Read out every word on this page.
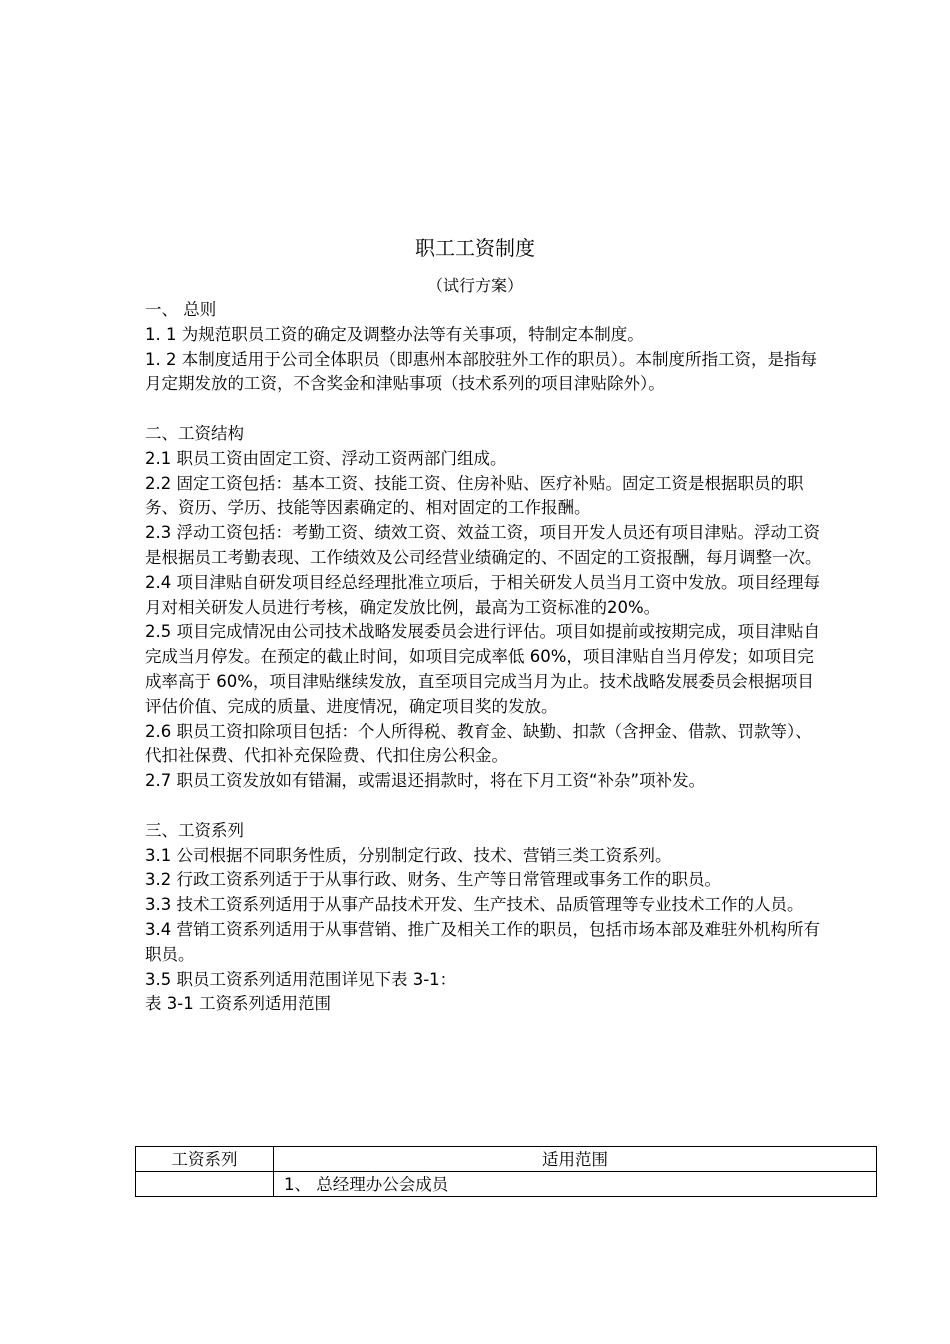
职工工资制度
（试行方案）

一、 总则

1. 1 为规范职员工资的确定及调整办法等有关事项，特制定本制度。

1. 2 本制度适用于公司全体职员（即惠州本部胶驻外工作的职员）。本制度所指工资，是指每月定期发放的工资，不含奖金和津贴事项（技术系列的项目津贴除外）。

二、工资结构

2.1 职员工资由固定工资、浮动工资两部门组成。

2.2 固定工资包括：基本工资、技能工资、住房补贴、医疗补贴。固定工资是根据职员的职务、资历、学历、技能等因素确定的、相对固定的工作报酬。

2.3 浮动工资包括：考勤工资、绩效工资、效益工资，项目开发人员还有项目津贴。浮动工资是根据员工考勤表现、工作绩效及公司经营业绩确定的、不固定的工资报酬，每月调整一次。

2.4 项目津贴自研发项目经总经理批准立项后，于相关研发人员当月工资中发放。项目经理每月对相关研发人员进行考核，确定发放比例，最高为工资标准的20%。

2.5 项目完成情况由公司技术战略发展委员会进行评估。项目如提前或按期完成，项目津贴自完成当月停发。在预定的截止时间，如项目完成率低 60%，项目津贴自当月停发；如项目完成率高于 60%，项目津贴继续发放，直至项目完成当月为止。技术战略发展委员会根据项目评估价值、完成的质量、进度情况，确定项目奖的发放。

2.6 职员工资扣除项目包括：个人所得税、教育金、缺勤、扣款（含押金、借款、罚款等）、代扣社保费、代扣补充保险费、代扣住房公积金。

2.7 职员工资发放如有错漏，或需退还捐款时，将在下月工资“补杂”项补发。

三、工资系列

3.1 公司根据不同职务性质，分别制定行政、技术、营销三类工资系列。

3.2 行政工资系列适于于从事行政、财务、生产等日常管理或事务工作的职员。

3.3 技术工资系列适用于从事产品技术开发、生产技术、品质管理等专业技术工作的人员。

3.4 营销工资系列适用于从事营销、推广及相关工作的职员，包括市场本部及难驻外机构所有职员。

3.5 职员工资系列适用范围详见下表 3-1：

表 3-1 工资系列适用范围

工资系列	适用范围
	1、 总经理办公会成员
